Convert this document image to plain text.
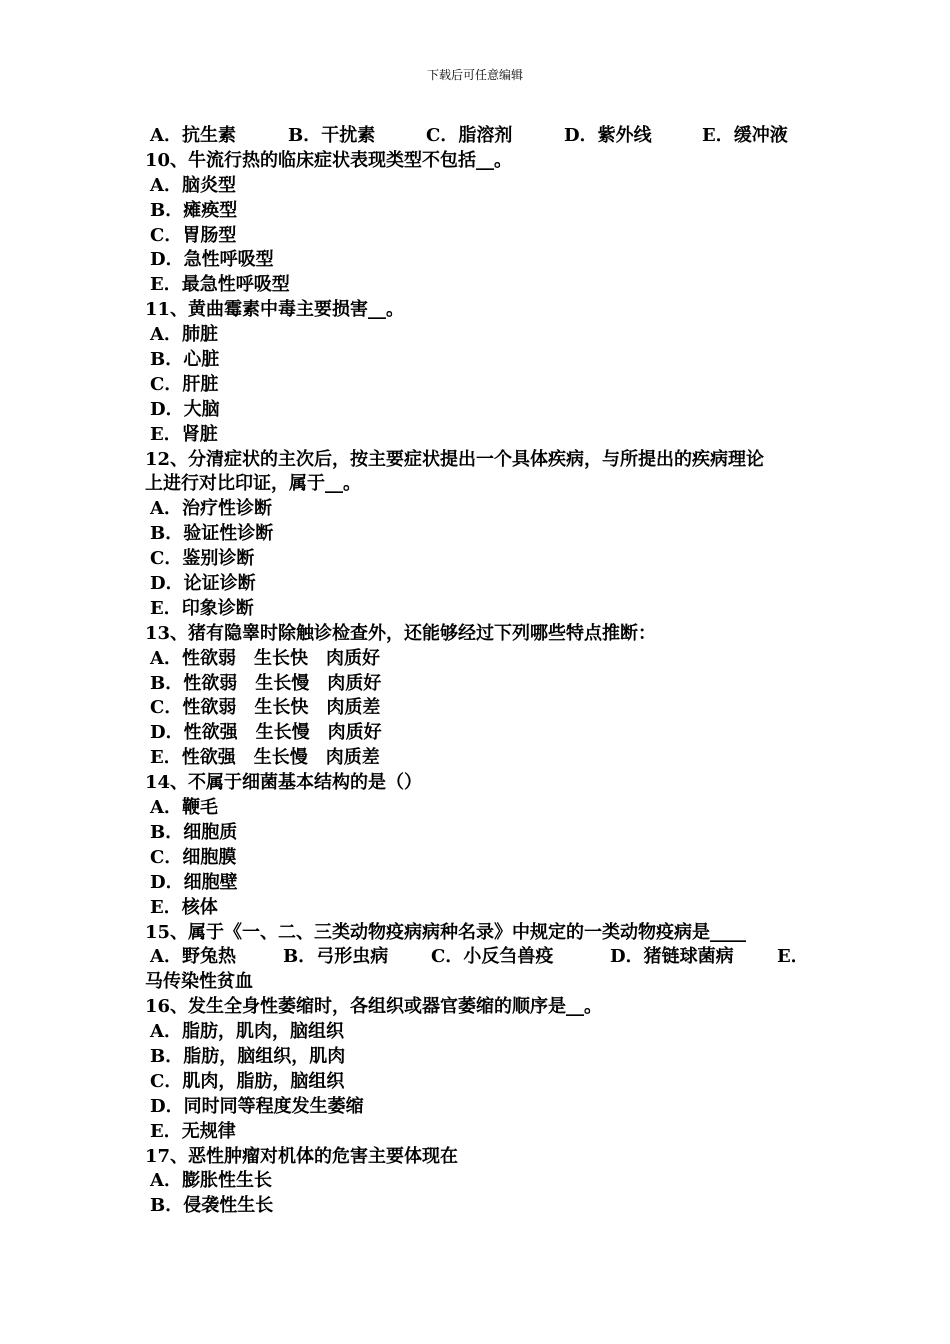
下载后可任意编辑
A．抗生素	B．干扰素	C．脂溶剂	D．紫外线	E．缓冲液
10、牛流行热的临床症状表现类型不包括__。
A．脑炎型
B．瘫痪型
C．胃肠型
D．急性呼吸型
E．最急性呼吸型
11、黄曲霉素中毒主要损害__。
A．肺脏
B．心脏
C．肝脏
D．大脑
E．肾脏
12、分清症状的主次后，按主要症状提出一个具体疾病，与所提出的疾病理论
上进行对比印证，属于__。
A．治疗性诊断
B．验证性诊断
C．鉴别诊断
D．论证诊断
E．印象诊断
13、猪有隐睾时除触诊检查外，还能够经过下列哪些特点推断：
A．性欲弱　生长快　肉质好
B．性欲弱　生长慢　肉质好
C．性欲弱　生长快　肉质差
D．性欲强　生长慢　肉质好
E．性欲强　生长慢　肉质差
14、不属于细菌基本结构的是（）
A．鞭毛
B．细胞质
C．细胞膜
D．细胞壁
E．核体
15、属于《一、二、三类动物疫病病种名录》中规定的一类动物疫病是____
A．野兔热	B．弓形虫病	C．小反刍兽疫	D．猪链球菌病	E．
马传染性贫血
16、发生全身性萎缩时，各组织或器官萎缩的顺序是__。
A．脂肪，肌肉，脑组织
B．脂肪，脑组织，肌肉
C．肌肉，脂肪，脑组织
D．同时同等程度发生萎缩
E．无规律
17、恶性肿瘤对机体的危害主要体现在
A．膨胀性生长
B．侵袭性生长
